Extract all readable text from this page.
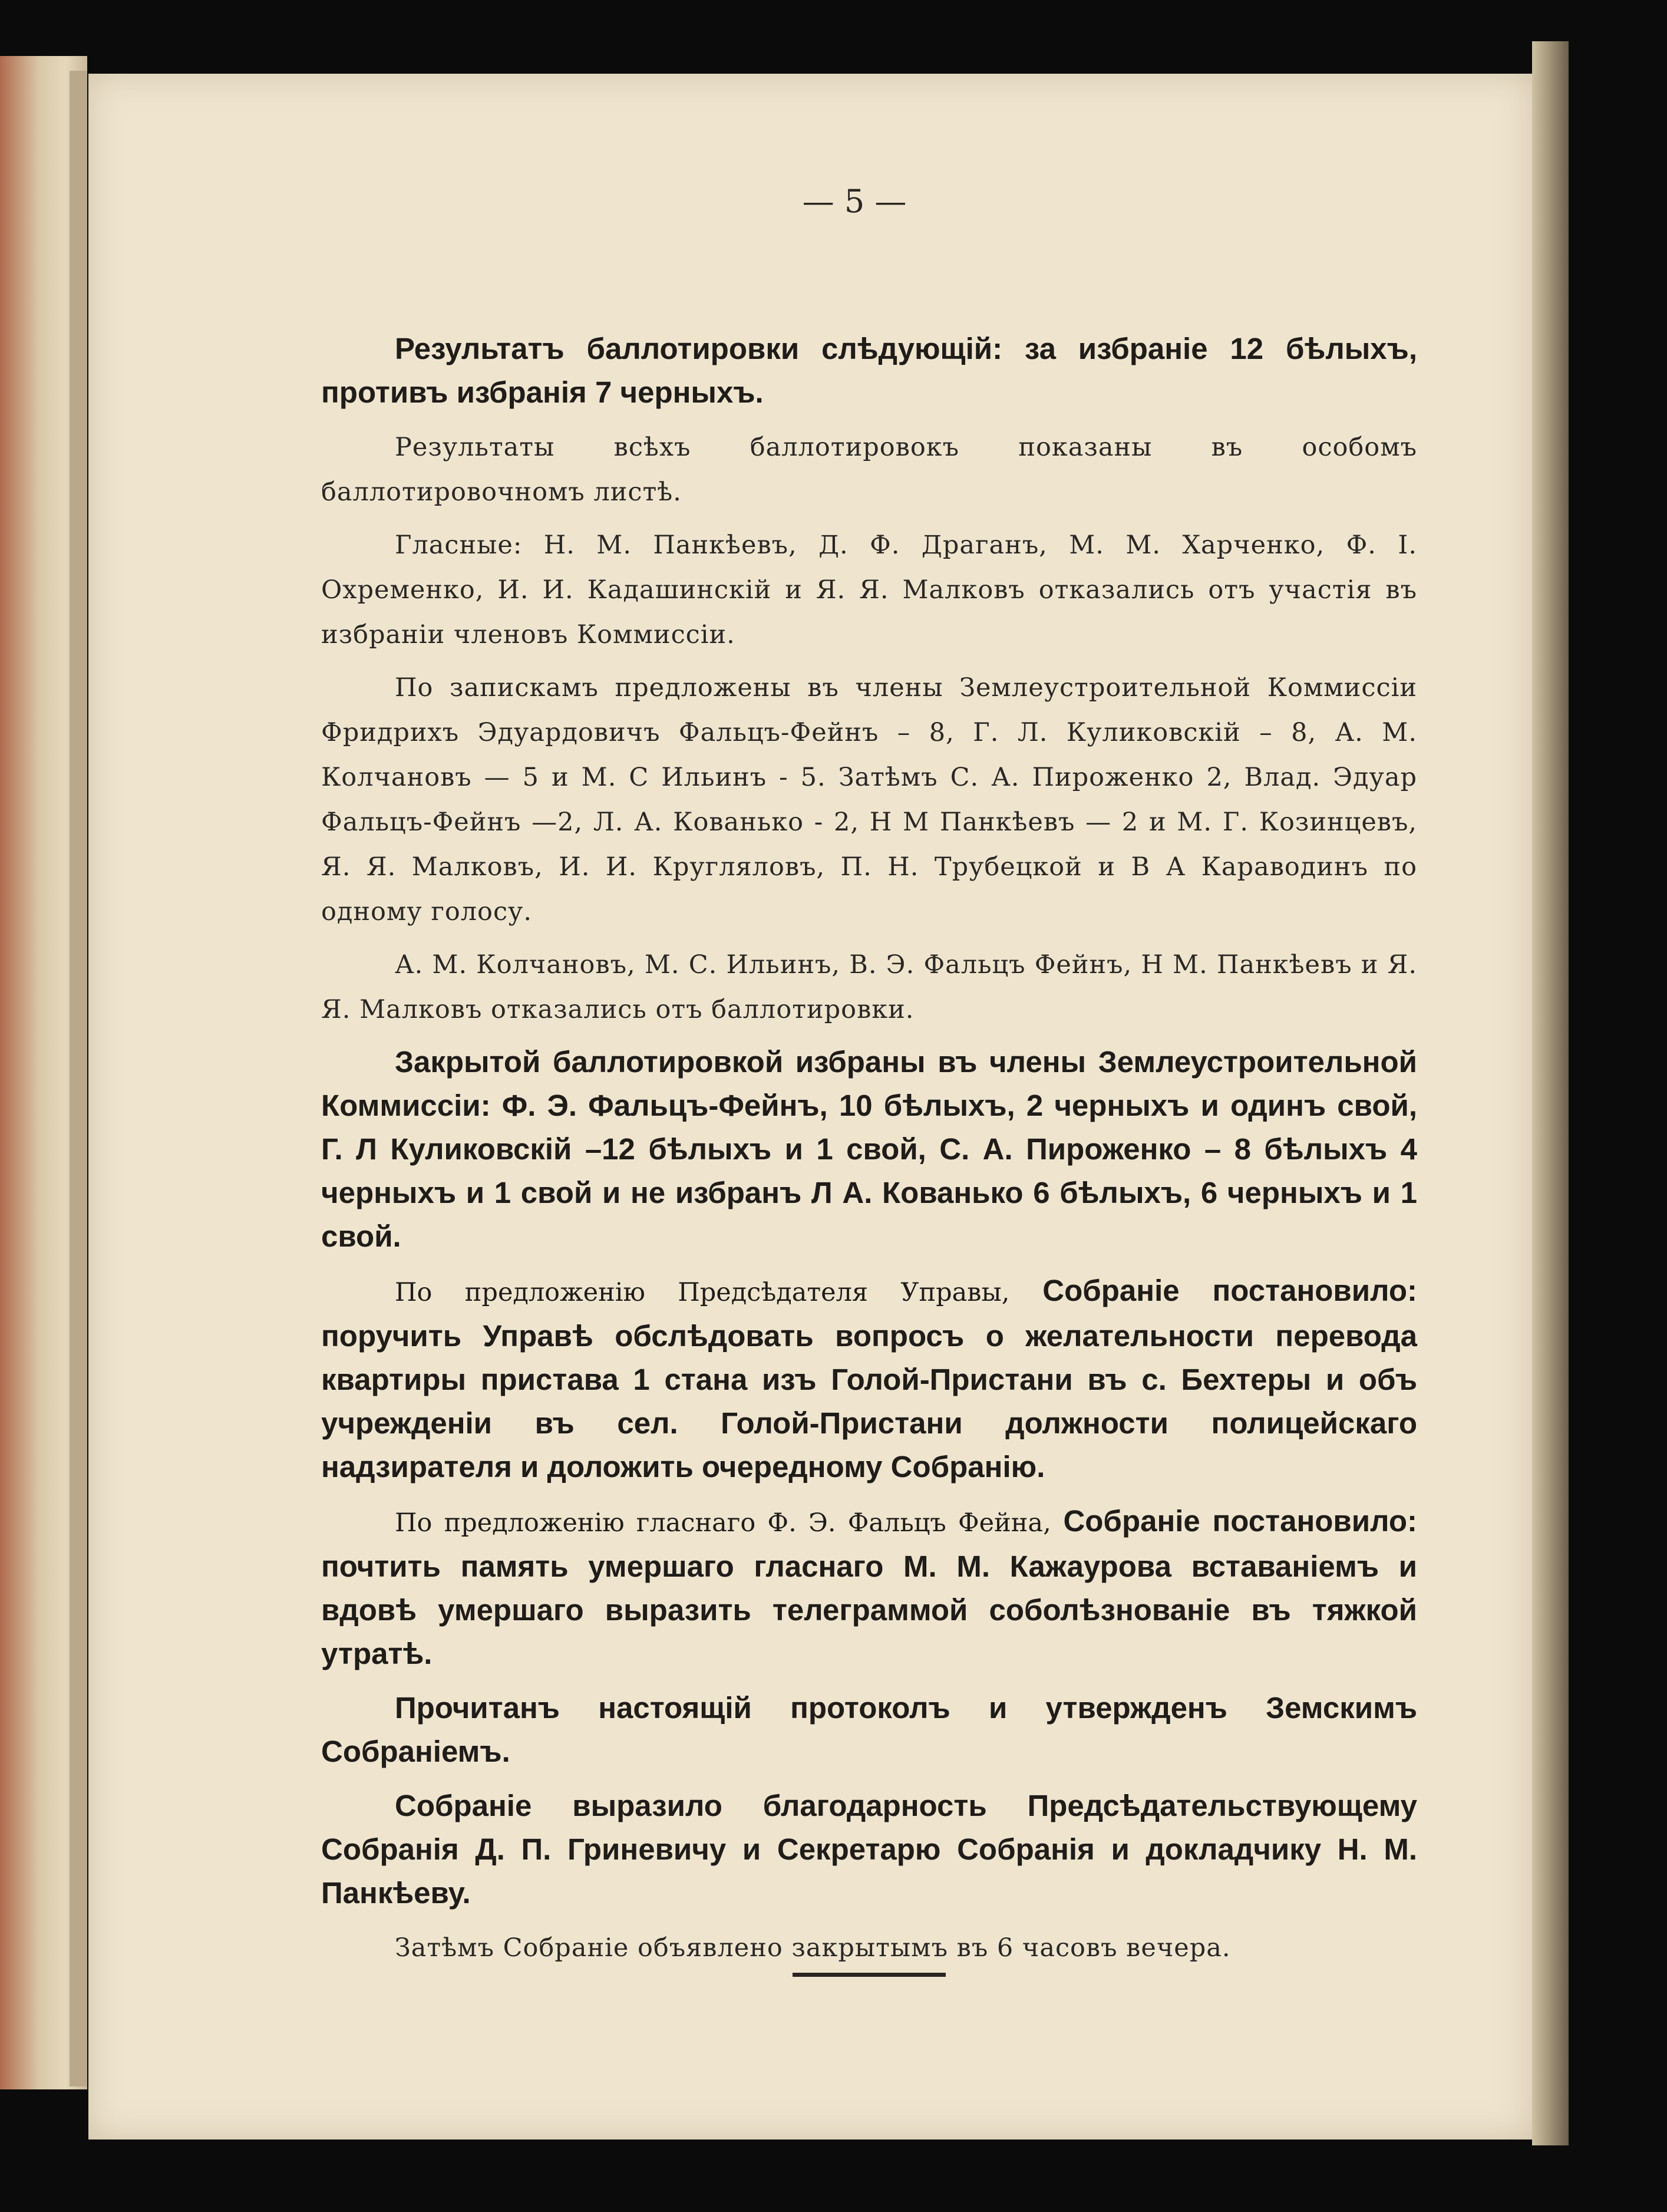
— 5 —

Результатъ баллотировки слѣдующій: за избраніе 12 бѣлыхъ, противъ избранія 7 черныхъ.

Результаты всѣхъ баллотировокъ показаны въ особомъ баллотировочномъ листѣ.

Гласные: Н. М. Панкѣевъ, Д. Ф. Драганъ, М. М. Харченко, Ф. I. Охременко, И. И. Кадашинскій и Я. Я. Малковъ отказались отъ участія въ избраніи членовъ Коммиссіи.

По запискамъ предложены въ члены Землеустроительной Коммиссіи Фридрихъ Эдуардовичъ Фальцъ-Фейнъ – 8, Г. Л. Куликовскій – 8, А. М. Колчановъ — 5 и М. С Ильинъ - 5. Затѣмъ С. А. Пироженко 2, Влад. Эдуар Фальцъ-Фейнъ —2, Л. А. Кованько - 2, Н М Панкѣевъ — 2 и М. Г. Козинцевъ, Я. Я. Малковъ, И. И. Кругляловъ, П. Н. Трубецкой и В А Караводинъ по одному голосу.

А. М. Колчановъ, М. С. Ильинъ, В. Э. Фальцъ Фейнъ, Н М. Панкѣевъ и Я. Я. Малковъ отказались отъ баллотировки.

Закрытой баллотировкой избраны въ члены Землеустроительной Коммиссіи: Ф. Э. Фальцъ-Фейнъ, 10 бѣлыхъ, 2 черныхъ и одинъ свой, Г. Л Куликовскій –12 бѣлыхъ и 1 свой, С. А. Пироженко – 8 бѣлыхъ 4 черныхъ и 1 свой и не избранъ Л А. Кованько 6 бѣлыхъ, 6 черныхъ и 1 свой.

По предложенію Предсѣдателя Управы, Собраніе постановило: поручить Управѣ обслѣдовать вопросъ о желательности перевода квартиры пристава 1 стана изъ Голой-Пристани въ с. Бехтеры и объ учрежденіи въ сел. Голой-Пристани должности полицейскаго надзирателя и доложить очередному Собранію.

По предложенію гласнаго Ф. Э. Фальцъ Фейна, Собраніе постановило: почтить память умершаго гласнаго М. М. Кажаурова вставаніемъ и вдовѣ умершаго выразить телеграммой соболѣзнованіе въ тяжкой утратѣ.

Прочитанъ настоящій протоколъ и утвержденъ Земскимъ Собраніемъ.

Собраніе выразило благодарность Предсѣдательствующему Собранія Д. П. Гриневичу и Секретарю Собранія и докладчику Н. М. Панкѣеву.

Затѣмъ Собраніе объявлено закрытымъ въ 6 часовъ вечера.
